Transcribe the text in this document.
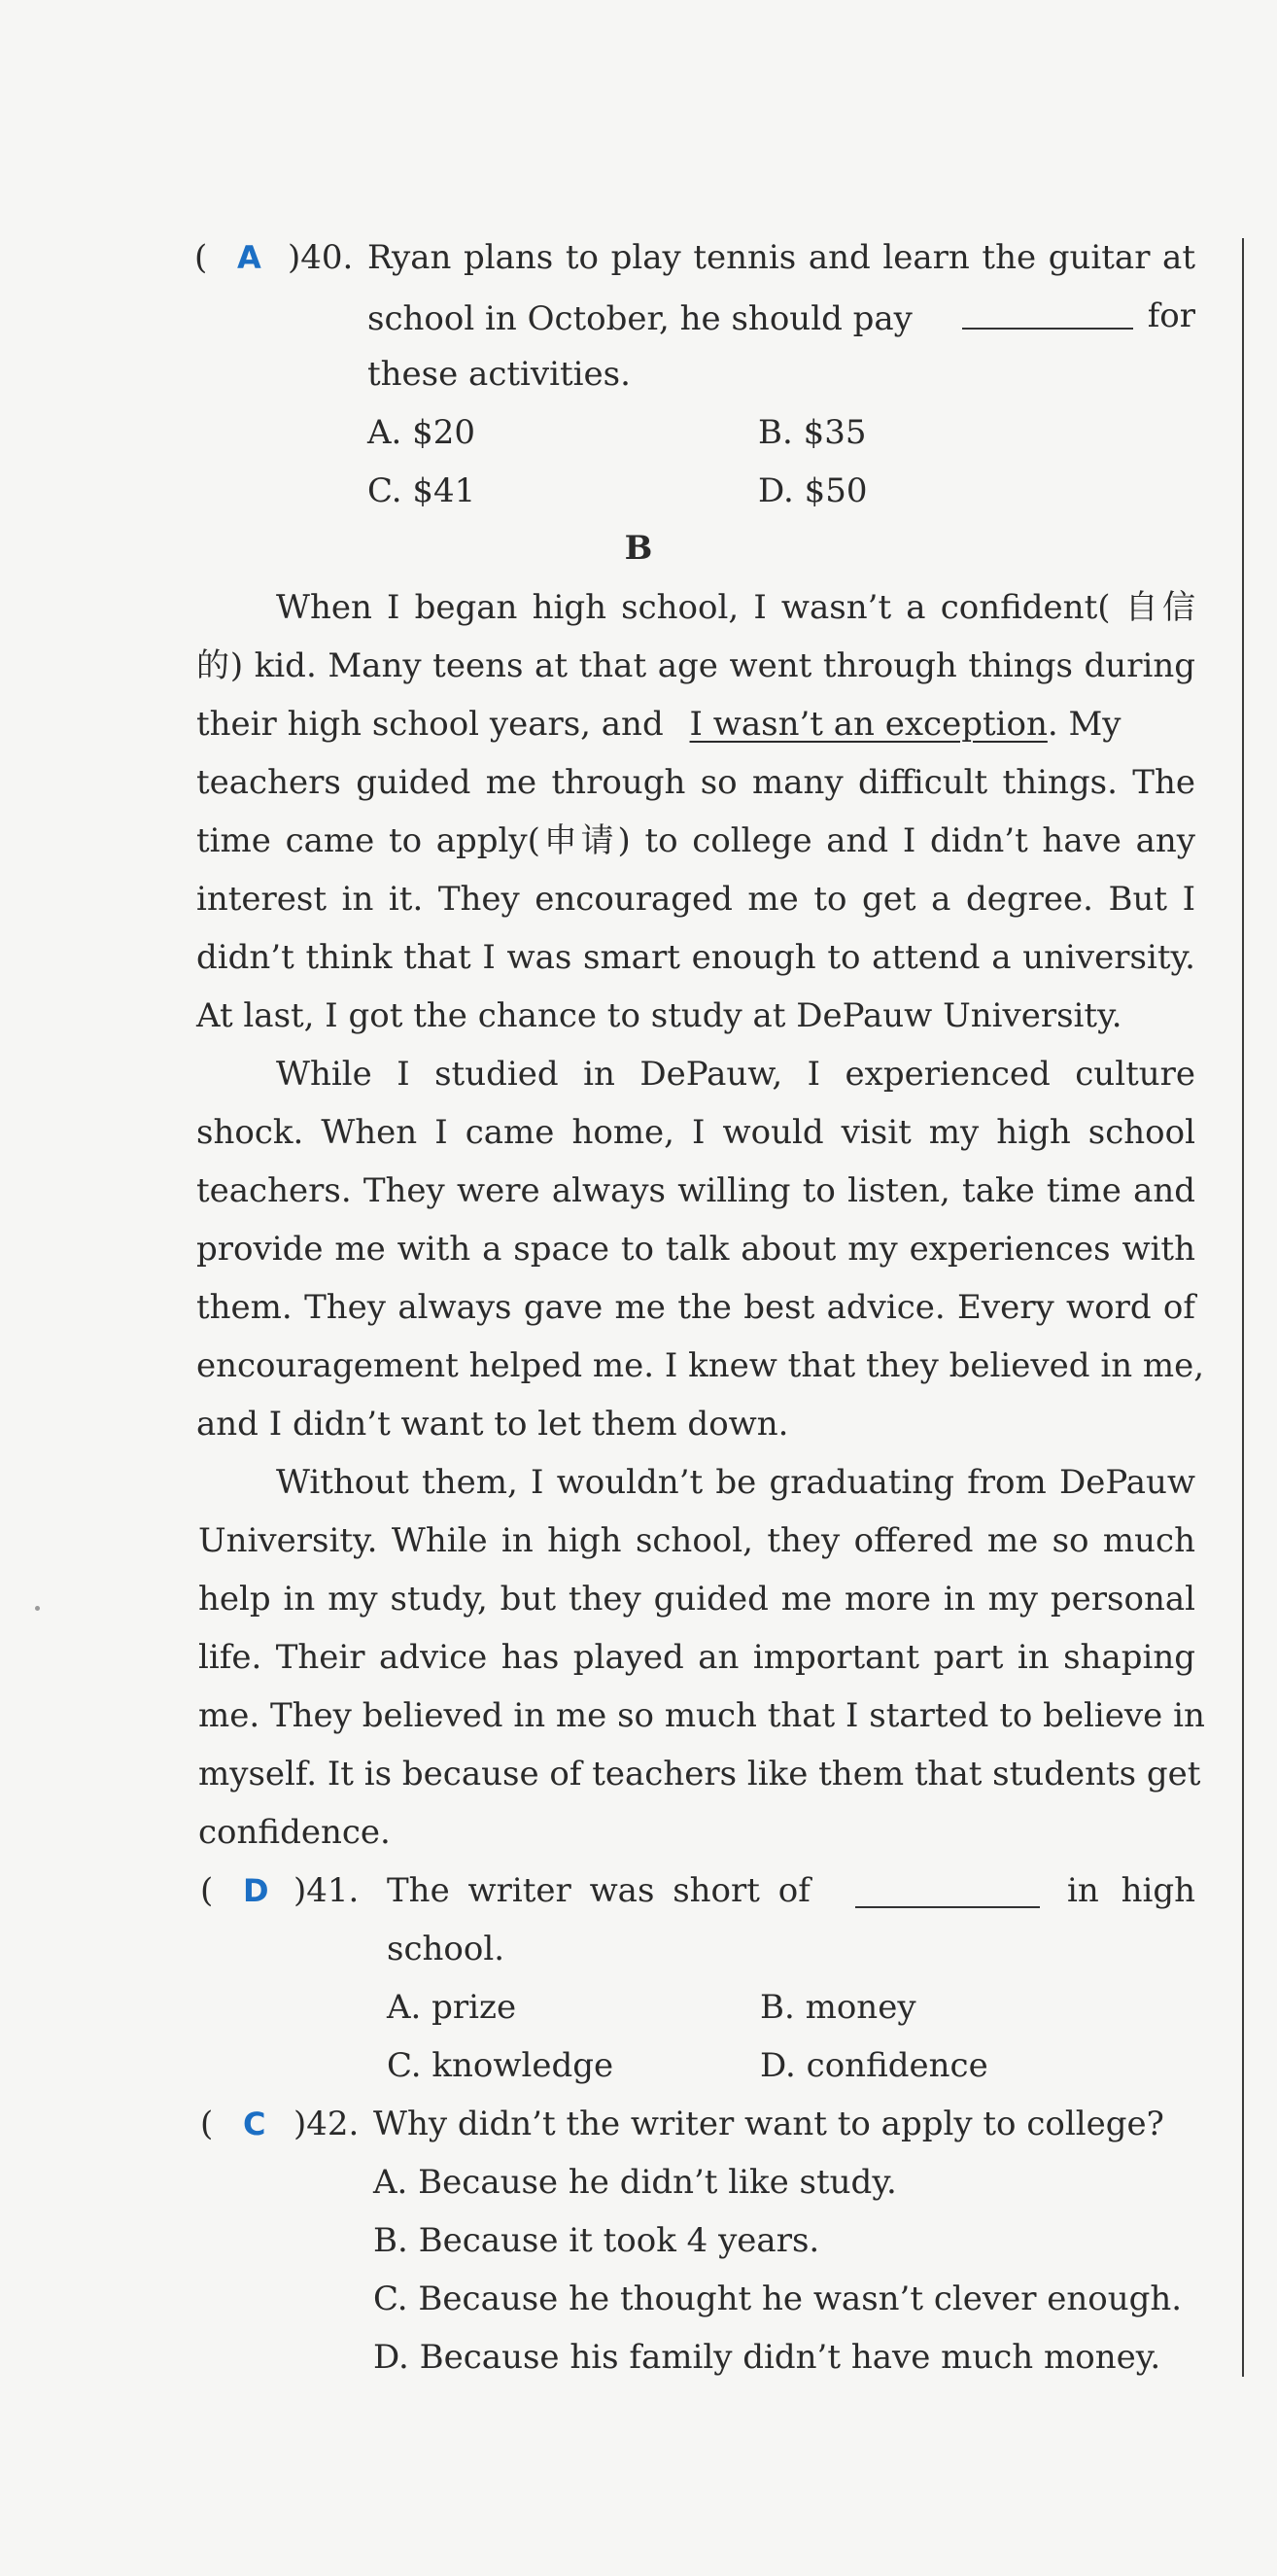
( A )40. Ryan plans to play tennis and learn the guitar at
school in October, he should pay	for
these activities.
A. $20	B. $35
C. $41	D. $50
B
When I began high school, I wasn’t a confident( 自信
的) kid. Many teens at that age went through things during
their high school years, and I wasn’t an exception. My
teachers guided me through so many difficult things. The
time came to apply(申请) to college and I didn’t have any
interest in it. They encouraged me to get a degree. But I
didn’t think that I was smart enough to attend a university.
At last, I got the chance to study at DePauw University.
While I studied in DePauw, I experienced culture
shock. When I came home, I would visit my high school
teachers. They were always willing to listen, take time and
provide me with a space to talk about my experiences with
them. They always gave me the best advice. Every word of
encouragement helped me. I knew that they believed in me,
and I didn’t want to let them down.
Without them, I wouldn’t be graduating from DePauw
University. While in high school, they offered me so much
help in my study, but they guided me more in my personal
life. Their advice has played an important part in shaping
me. They believed in me so much that I started to believe in
myself. It is because of teachers like them that students get
confidence.
( D )41. The writer was short of	in high
school.
A. prize	B. money
C. knowledge	D. confidence
( C )42. Why didn’t the writer want to apply to college?
A. Because he didn’t like study.
B. Because it took 4 years.
C. Because he thought he wasn’t clever enough.
D. Because his family didn’t have much money.
